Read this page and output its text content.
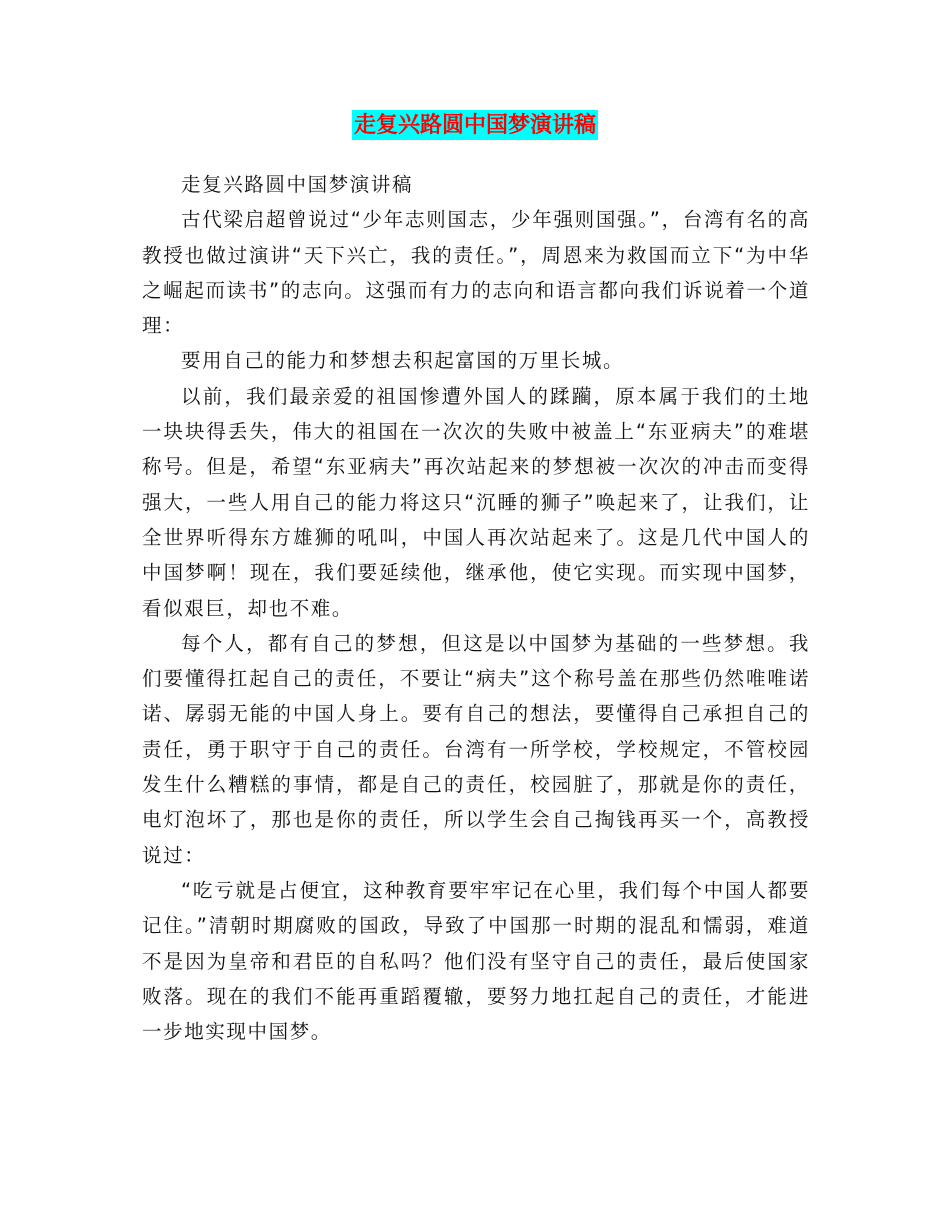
走复兴路圆中国梦演讲稿

走复兴路圆中国梦演讲稿

古代梁启超曾说过“少年志则国志，少年强则国强。”，台湾有名的高教授也做过演讲“天下兴亡，我的责任。”，周恩来为救国而立下“为中华之崛起而读书”的志向。这强而有力的志向和语言都向我们诉说着一个道理：

要用自己的能力和梦想去积起富国的万里长城。

以前，我们最亲爱的祖国惨遭外国人的蹂躏，原本属于我们的土地一块块得丢失，伟大的祖国在一次次的失败中被盖上“东亚病夫”的难堪称号。但是，希望“东亚病夫”再次站起来的梦想被一次次的冲击而变得强大，一些人用自己的能力将这只“沉睡的狮子”唤起来了，让我们，让全世界听得东方雄狮的吼叫，中国人再次站起来了。这是几代中国人的中国梦啊！现在，我们要延续他，继承他，使它实现。而实现中国梦，看似艰巨，却也不难。

每个人，都有自己的梦想，但这是以中国梦为基础的一些梦想。我们要懂得扛起自己的责任，不要让“病夫”这个称号盖在那些仍然唯唯诺诺、孱弱无能的中国人身上。要有自己的想法，要懂得自己承担自己的责任，勇于职守于自己的责任。台湾有一所学校，学校规定，不管校园发生什么糟糕的事情，都是自己的责任，校园脏了，那就是你的责任，电灯泡坏了，那也是你的责任，所以学生会自己掏钱再买一个，高教授说过：

“吃亏就是占便宜，这种教育要牢牢记在心里，我们每个中国人都要记住。”清朝时期腐败的国政，导致了中国那一时期的混乱和懦弱，难道不是因为皇帝和君臣的自私吗？他们没有坚守自己的责任，最后使国家败落。现在的我们不能再重蹈覆辙，要努力地扛起自己的责任，才能进一步地实现中国梦。
